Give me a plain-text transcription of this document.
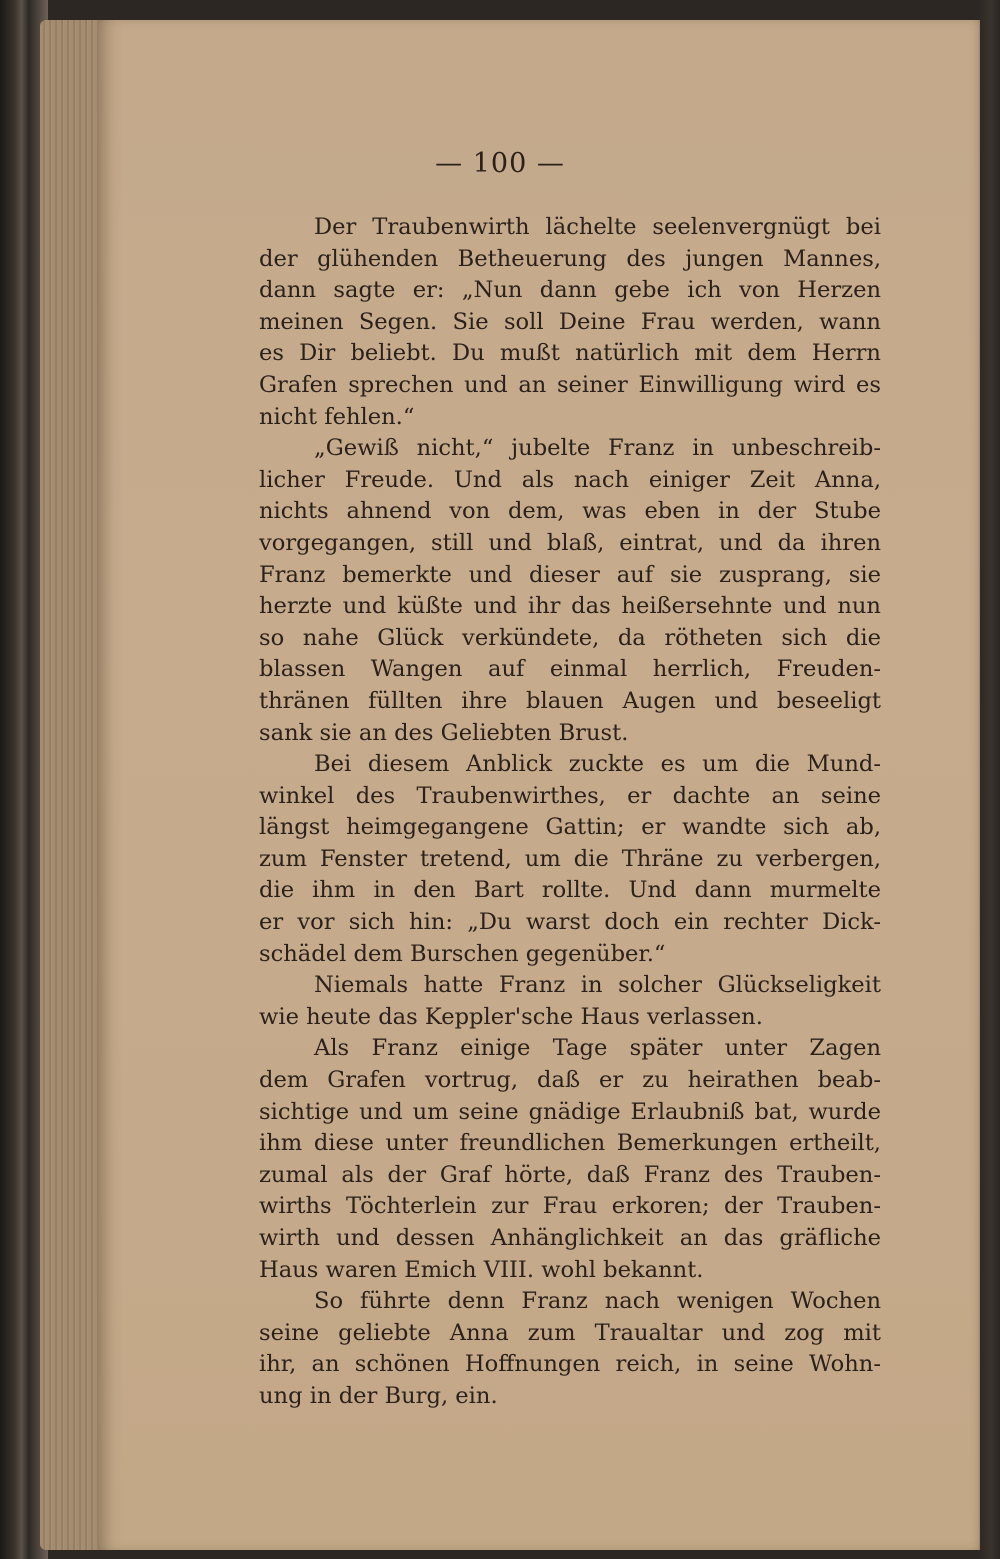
— 100 —
Der Traubenwirth lächelte seelenvergnügt bei
der glühenden Betheuerung des jungen Mannes,
dann sagte er: „Nun dann gebe ich von Herzen
meinen Segen. Sie soll Deine Frau werden, wann
es Dir beliebt. Du mußt natürlich mit dem Herrn
Grafen sprechen und an seiner Einwilligung wird es
nicht fehlen.“
„Gewiß nicht,“ jubelte Franz in unbeschreib-
licher Freude. Und als nach einiger Zeit Anna,
nichts ahnend von dem, was eben in der Stube
vorgegangen, still und blaß, eintrat, und da ihren
Franz bemerkte und dieser auf sie zusprang, sie
herzte und küßte und ihr das heißersehnte und nun
so nahe Glück verkündete, da rötheten sich die
blassen Wangen auf einmal herrlich, Freuden-
thränen füllten ihre blauen Augen und beseeligt
sank sie an des Geliebten Brust.
Bei diesem Anblick zuckte es um die Mund-
winkel des Traubenwirthes, er dachte an seine
längst heimgegangene Gattin; er wandte sich ab,
zum Fenster tretend, um die Thräne zu verbergen,
die ihm in den Bart rollte. Und dann murmelte
er vor sich hin: „Du warst doch ein rechter Dick-
schädel dem Burschen gegenüber.“
Niemals hatte Franz in solcher Glückseligkeit
wie heute das Keppler'sche Haus verlassen.
Als Franz einige Tage später unter Zagen
dem Grafen vortrug, daß er zu heirathen beab-
sichtige und um seine gnädige Erlaubniß bat, wurde
ihm diese unter freundlichen Bemerkungen ertheilt,
zumal als der Graf hörte, daß Franz des Trauben-
wirths Töchterlein zur Frau erkoren; der Trauben-
wirth und dessen Anhänglichkeit an das gräfliche
Haus waren Emich VIII. wohl bekannt.
So führte denn Franz nach wenigen Wochen
seine geliebte Anna zum Traualtar und zog mit
ihr, an schönen Hoffnungen reich, in seine Wohn-
ung in der Burg, ein.
